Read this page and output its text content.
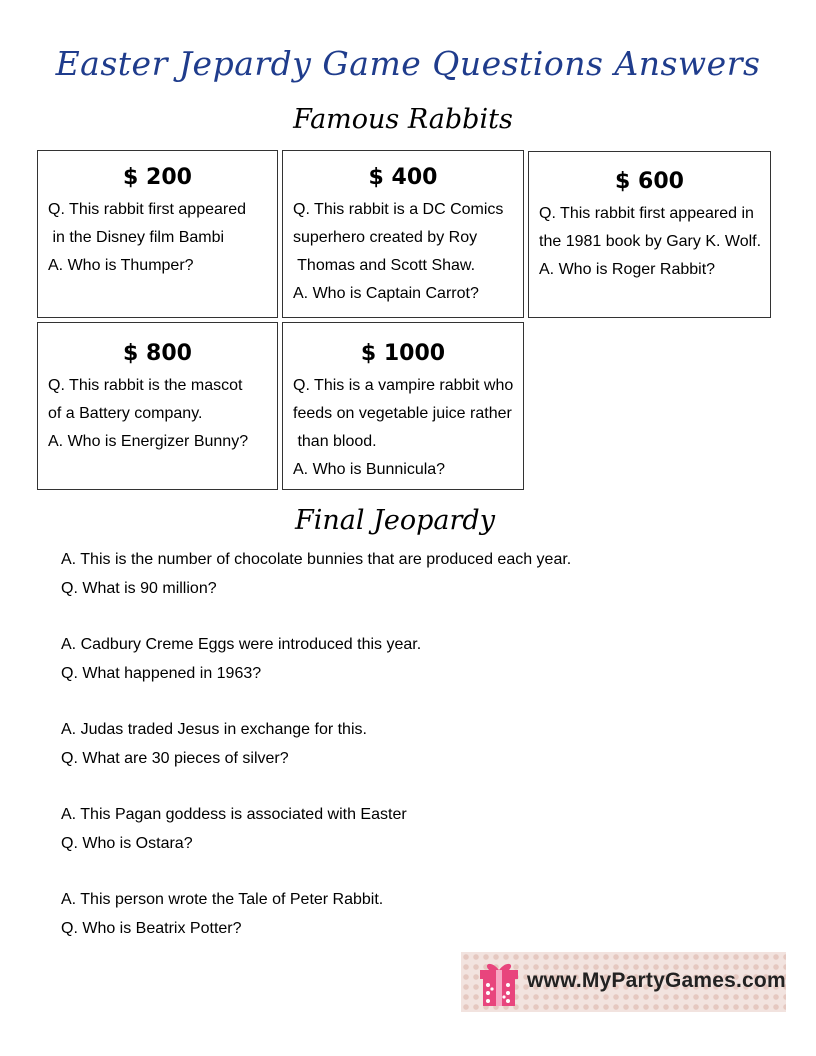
Easter Jepardy Game Questions Answers
Famous Rabbits
$ 200
Q. This rabbit first appeared
in the Disney film Bambi
A. Who is Thumper?
$ 400
Q. This rabbit is a DC Comics
superhero created by Roy
Thomas and Scott Shaw.
A. Who is Captain Carrot?
$ 600
Q. This rabbit first appeared in
the 1981 book by Gary K. Wolf.
A. Who is Roger Rabbit?
$ 800
Q. This rabbit is the mascot
of a Battery company.
A. Who is Energizer Bunny?
$ 1000
Q. This is a vampire rabbit who
feeds on vegetable juice rather
than blood.
A. Who is Bunnicula?
Final Jeopardy
A. This is the number of chocolate bunnies that are produced each year.
Q. What is 90 million?
A. Cadbury Creme Eggs were introduced this year.
Q. What happened in 1963?
A. Judas traded Jesus in exchange for this.
Q. What are 30 pieces of silver?
A. This Pagan goddess is associated with Easter
Q. Who is Ostara?
A. This person wrote the Tale of Peter Rabbit.
Q. Who is Beatrix Potter?
www.MyPartyGames.com
